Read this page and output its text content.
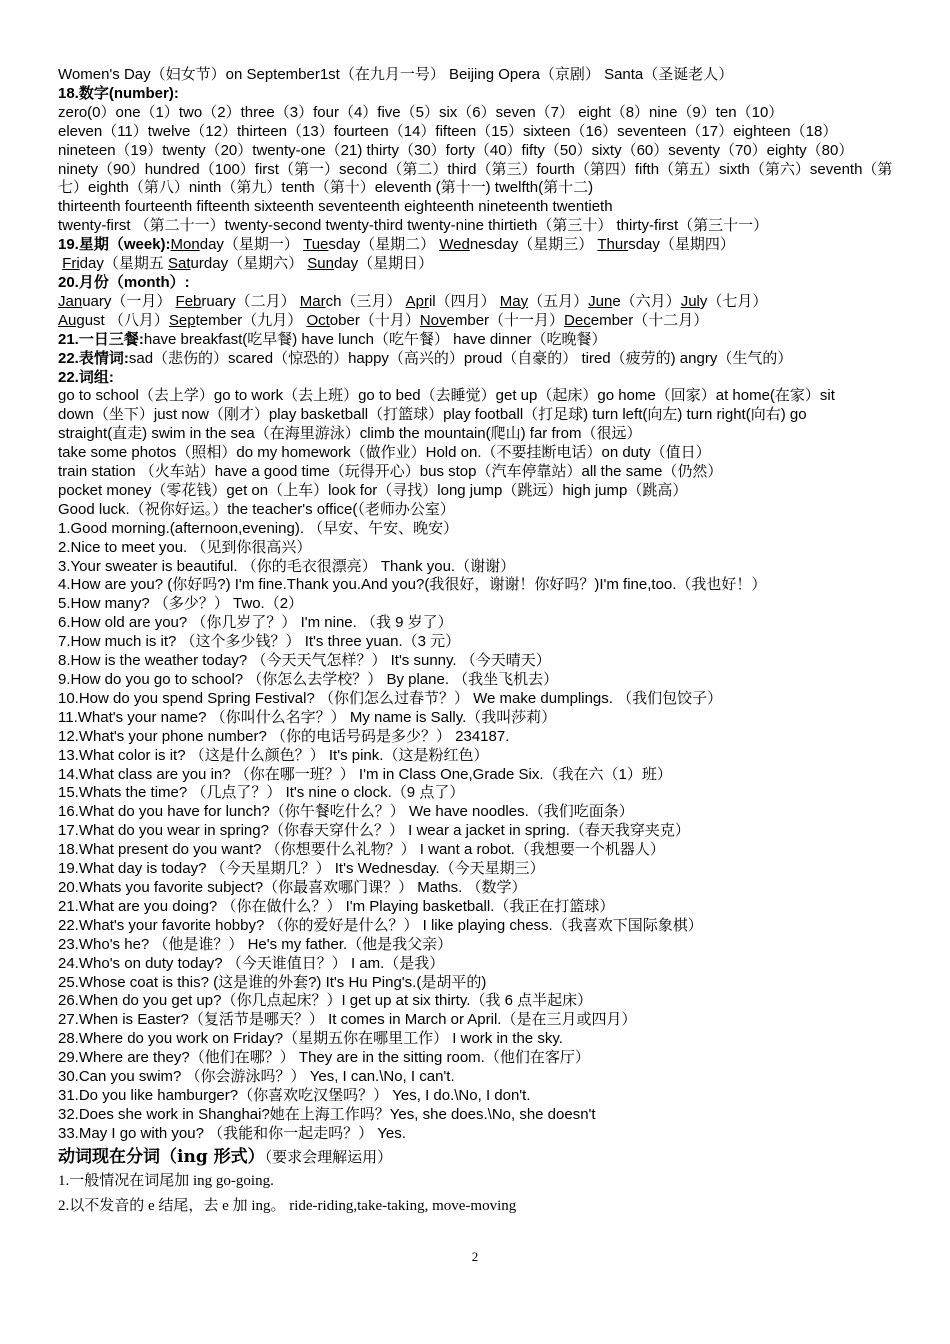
Women's Day（妇女节）on September1st（在九月一号） Beijing Opera（京剧） Santa（圣诞老人）
18.数字(number):
zero(0）one（1）two（2）three（3）four（4）five（5）six（6）seven（7） eight（8）nine（9）ten（10）
eleven（11）twelve（12）thirteen（13）fourteen（14）fifteen（15）sixteen（16）seventeen（17）eighteen（18）
nineteen（19）twenty（20）twenty-one（21) thirty（30）forty（40）fifty（50）sixty（60）seventy（70）eighty（80）
ninety（90）hundred（100）first（第一）second（第二）third（第三）fourth（第四）fifth（第五）sixth（第六）seventh（第
七）eighth（第八）ninth（第九）tenth（第十）eleventh (第十一) twelfth(第十二)
thirteenth fourteenth fifteenth sixteenth seventeenth eighteenth nineteenth twentieth
twenty-first （第二十一）twenty-second twenty-third twenty-nine thirtieth（第三十） thirty-first（第三十一）
19.星期（week):Monday（星期一） Tuesday（星期二） Wednesday（星期三） Thursday（星期四）
Friday（星期五 Saturday（星期六） Sunday（星期日）
20.月份（month）:
January（一月） February（二月） March（三月） April（四月） May（五月）June（六月）July（七月）
August （八月）September（九月） October（十月）November（十一月）December（十二月）
21.一日三餐:have breakfast(吃早餐) have lunch（吃午餐） have dinner（吃晚餐）
22.表情词:sad（悲伤的）scared（惊恐的）happy（高兴的）proud（自豪的） tired（疲劳的) angry（生气的）
22.词组:
go to school（去上学）go to work（去上班）go to bed（去睡觉）get up（起床）go home（回家）at home(在家）sit
down（坐下）just now（刚才）play basketball（打篮球）play football（打足球) turn left(向左) turn right(向右) go
straight(直走) swim in the sea（在海里游泳）climb the mountain(爬山) far from（很远）
take some photos（照相）do my homework（做作业）Hold on.（不要挂断电话）on duty（值日）
train station （火车站）have a good time（玩得开心）bus stop（汽车停靠站）all the same（仍然）
pocket money（零花钱）get on（上车）look for（寻找）long jump（跳远）high jump（跳高）
Good luck.（祝你好运。）the teacher's office(（老师办公室）
1.Good morning.(afternoon,evening). （早安、午安、晚安）
2.Nice to meet you. （见到你很高兴）
3.Your sweater is beautiful. （你的毛衣很漂亮） Thank you.（谢谢）
4.How are you? (你好吗?) I'm fine.Thank you.And you?(我很好，谢谢！你好吗？)I'm fine,too.（我也好！）
5.How many? （多少？） Two.（2）
6.How old are you? （你几岁了？） I'm nine. （我 9 岁了）
7.How much is it? （这个多少钱？） It's three yuan.（3 元）
8.How is the weather today? （今天天气怎样？） It's sunny. （今天晴天）
9.How do you go to school? （你怎么去学校？） By plane. （我坐飞机去）
10.How do you spend Spring Festival? （你们怎么过春节？） We make dumplings. （我们包饺子）
11.What's your name? （你叫什么名字？） My name is Sally.（我叫莎莉）
12.What's your phone number? （你的电话号码是多少？） 234187.
13.What color is it? （这是什么颜色？） It's pink.（这是粉红色）
14.What class are you in? （你在哪一班？） I'm in Class One,Grade Six.（我在六（1）班）
15.Whats the time? （几点了？） It's nine o clock.（9 点了）
16.What do you have for lunch?（你午餐吃什么？） We have noodles.（我们吃面条）
17.What do you wear in spring?（你春天穿什么？） I wear a jacket in spring.（春天我穿夹克）
18.What present do you want? （你想要什么礼物？） I want a robot.（我想要一个机器人）
19.What day is today? （今天星期几？） It's Wednesday.（今天星期三）
20.Whats you favorite subject?（你最喜欢哪门课？） Maths. （数学）
21.What are you doing? （你在做什么？） I'm Playing basketball.（我正在打篮球）
22.What's your favorite hobby? （你的爱好是什么？） I like playing chess.（我喜欢下国际象棋）
23.Who's he? （他是谁？） He's my father.（他是我父亲）
24.Who's on duty today? （今天谁值日？） I am.（是我）
25.Whose coat is this? (这是谁的外套?) It's Hu Ping's.(是胡平的)
26.When do you get up?（你几点起床？）I get up at six thirty.（我 6 点半起床）
27.When is Easter?（复活节是哪天？） It comes in March or April.（是在三月或四月）
28.Where do you work on Friday?（星期五你在哪里工作） I work in the sky.
29.Where are they?（他们在哪？） They are in the sitting room.（他们在客厅）
30.Can you swim? （你会游泳吗？） Yes, I can.\No, I can't.
31.Do you like hamburger?（你喜欢吃汉堡吗？） Yes, I do.\No, I don't.
32.Does she work in Shanghai?她在上海工作吗？Yes, she does.\No, she doesn't
33.May I go with you? （我能和你一起走吗？） Yes.
动词现在分词（ing 形式）（要求会理解运用）
1.一般情况在词尾加 ing go-going.
2.以不发音的 e 结尾，去 e 加 ing。 ride-riding,take-taking, move-moving
2
